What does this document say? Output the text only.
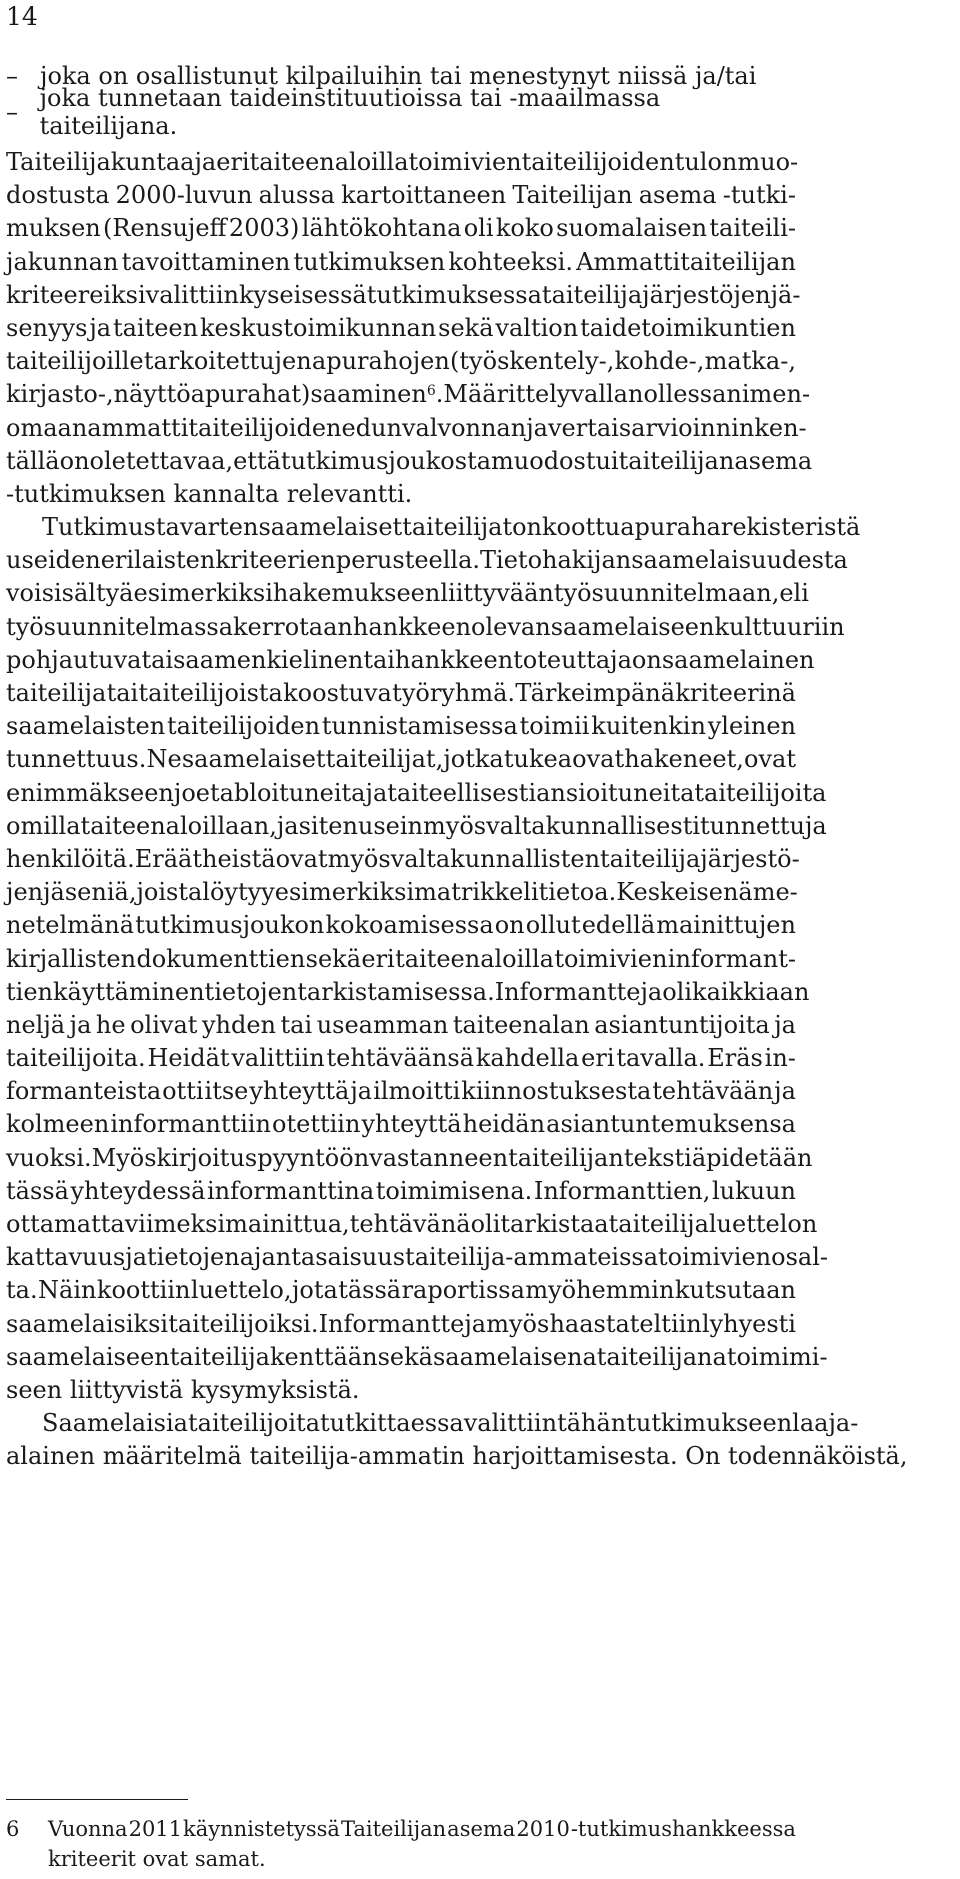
14
– joka on osallistunut kilpailuihin tai menestynyt niissä ja/tai
– joka tunnetaan taideinstituutioissa tai -maailmassa taiteilijana.
Taiteilijakuntaa ja eri taiteenaloilla toimivien taiteilijoiden tulonmuo-
dostusta 2000-luvun alussa kartoittaneen Taiteilijan asema -tutki-
muksen (Rensujeff 2003) lähtökohtana oli koko suomalaisen taiteili-
jakunnan tavoittaminen tutkimuksen kohteeksi. Ammattitaiteilijan
kriteereiksi valittiin kyseisessä tutkimuksessa taiteilijajärjestöjen jä-
senyys ja taiteen keskustoimikunnan sekä valtion taidetoimikuntien
taiteilijoille tarkoitettujen apurahojen (työskentely-, kohde-, matka-,
kirjasto-, näyttöapurahat) saaminen$^6$. Määrittelyvallan ollessa nimen-
omaan ammattitaiteilijoiden edunvalvonnan ja vertaisarvioinnin ken-
tällä on oletettavaa, että tutkimusjoukosta muodostui taiteilijan asema
-tutkimuksen kannalta relevantti.
Tutkimusta varten saamelaiset taiteilijat on koottu apuraharekisteristä
useiden erilaisten kriteerien perusteella. Tieto hakijan saamelaisuudesta
voi sisältyä esimerkiksi hakemukseen liittyvään työsuunnitelmaan, eli
työsuunnitelmassa kerrotaan hankkeen olevan saamelaiseen kulttuuriin
pohjautuva tai saamenkielinen tai hankkeen toteuttaja on saamelainen
taiteilija tai taiteilijoista koostuva työryhmä. Tärkeimpänä kriteerinä
saamelaisten taiteilijoiden tunnistamisessa toimii kuitenkin yleinen
tunnettuus. Ne saamelaiset taiteilijat, jotka tukea ovat hakeneet, ovat
enimmäkseen jo etabloituneita ja taiteellisesti ansioituneita taiteilijoita
omilla taiteenaloillaan, ja siten usein myös valtakunnallisesti tunnettuja
henkilöitä. Eräät heistä ovat myös valtakunnallisten taiteilijajärjestö-
jen jäseniä, joista löytyy esimerkiksi matrikkelitietoa. Keskeisenä me-
netelmänä tutkimusjoukon kokoamisessa on ollut edellä mainittujen
kirjallisten dokumenttien sekä eri taiteenaloilla toimivien informant-
tien käyttäminen tietojen tarkistamisessa. Informantteja oli kaikkiaan
neljä ja he olivat yhden tai useamman taiteenalan asiantuntijoita ja
taiteilijoita. Heidät valittiin tehtäväänsä kahdella eri tavalla. Eräs in-
formanteista otti itse yhteyttä ja ilmoitti kiinnostuksesta tehtävään ja
kolmeen informanttiin otettiin yhteyttä heidän asiantuntemuksensa
vuoksi. Myös kirjoituspyyntöön vastanneen taiteilijan tekstiä pidetään
tässä yhteydessä informanttina toimimisena. Informanttien, lukuun
ottamatta viimeksi mainittua, tehtävänä oli tarkistaa taiteilijaluettelon
kattavuus ja tietojen ajantasaisuus taiteilija-ammateissa toimivien osal-
ta. Näin koottiin luettelo, jota tässä raportissa myöhemmin kutsutaan
saamelaisiksi taiteilijoiksi. Informantteja myös haastateltiin lyhyesti
saamelaiseen taiteilijakenttään sekä saamelaisena taiteilijana toimimi-
seen liittyvistä kysymyksistä.
Saamelaisia taiteilijoita tutkittaessa valittiin tähän tutkimukseen laaja-
alainen määritelmä taiteilija-ammatin harjoittamisesta. On todennäköistä,
6	Vuonna 2011 käynnistetyssä Taiteilijan asema 2010 -tutkimushankkeessa
kriteerit ovat samat.
